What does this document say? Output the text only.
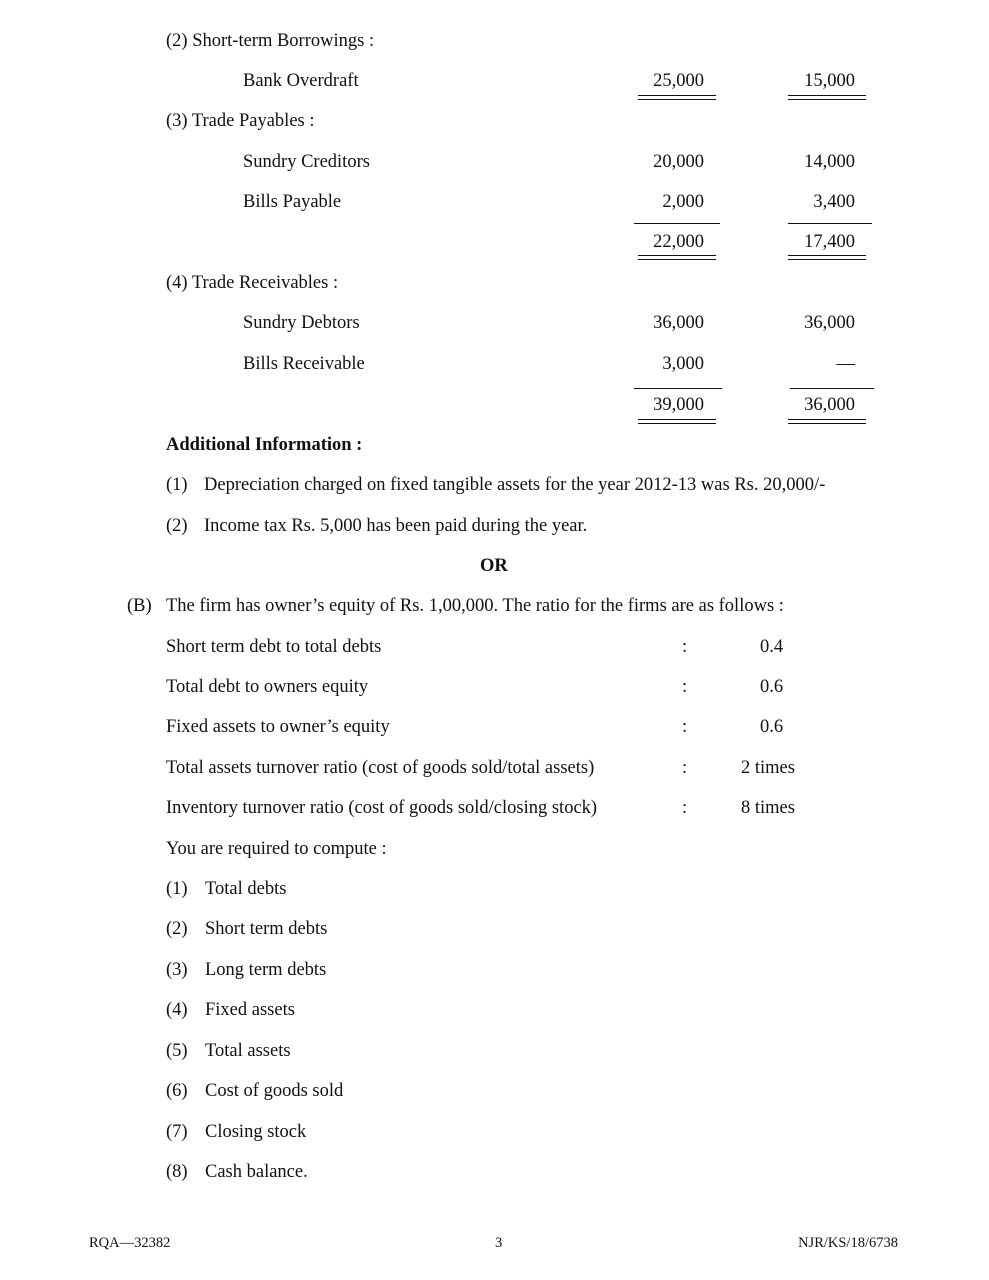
(2) Short-term Borrowings :
Bank Overdraft	25,000	15,000
(3) Trade Payables :
Sundry Creditors	20,000	14,000
Bills Payable	2,000	3,400
22,000	17,400
(4) Trade Receivables :
Sundry Debtors	36,000	36,000
Bills Receivable	3,000	—
39,000	36,000
Additional Information :
(1) Depreciation charged on fixed tangible assets for the year 2012-13 was Rs. 20,000/-
(2) Income tax Rs. 5,000 has been paid during the year.
OR
(B) The firm has owner’s equity of Rs. 1,00,000. The ratio for the firms are as follows :
Short term debt to total debts	:	0.4
Total debt to owners equity	:	0.6
Fixed assets to owner’s equity	:	0.6
Total assets turnover ratio (cost of goods sold/total assets)	:	2 times
Inventory turnover ratio (cost of goods sold/closing stock)	:	8 times
You are required to compute :
(1) Total debts
(2) Short term debts
(3) Long term debts
(4) Fixed assets
(5) Total assets
(6) Cost of goods sold
(7) Closing stock
(8) Cash balance.
RQA—32382	3	NJR/KS/18/6738
